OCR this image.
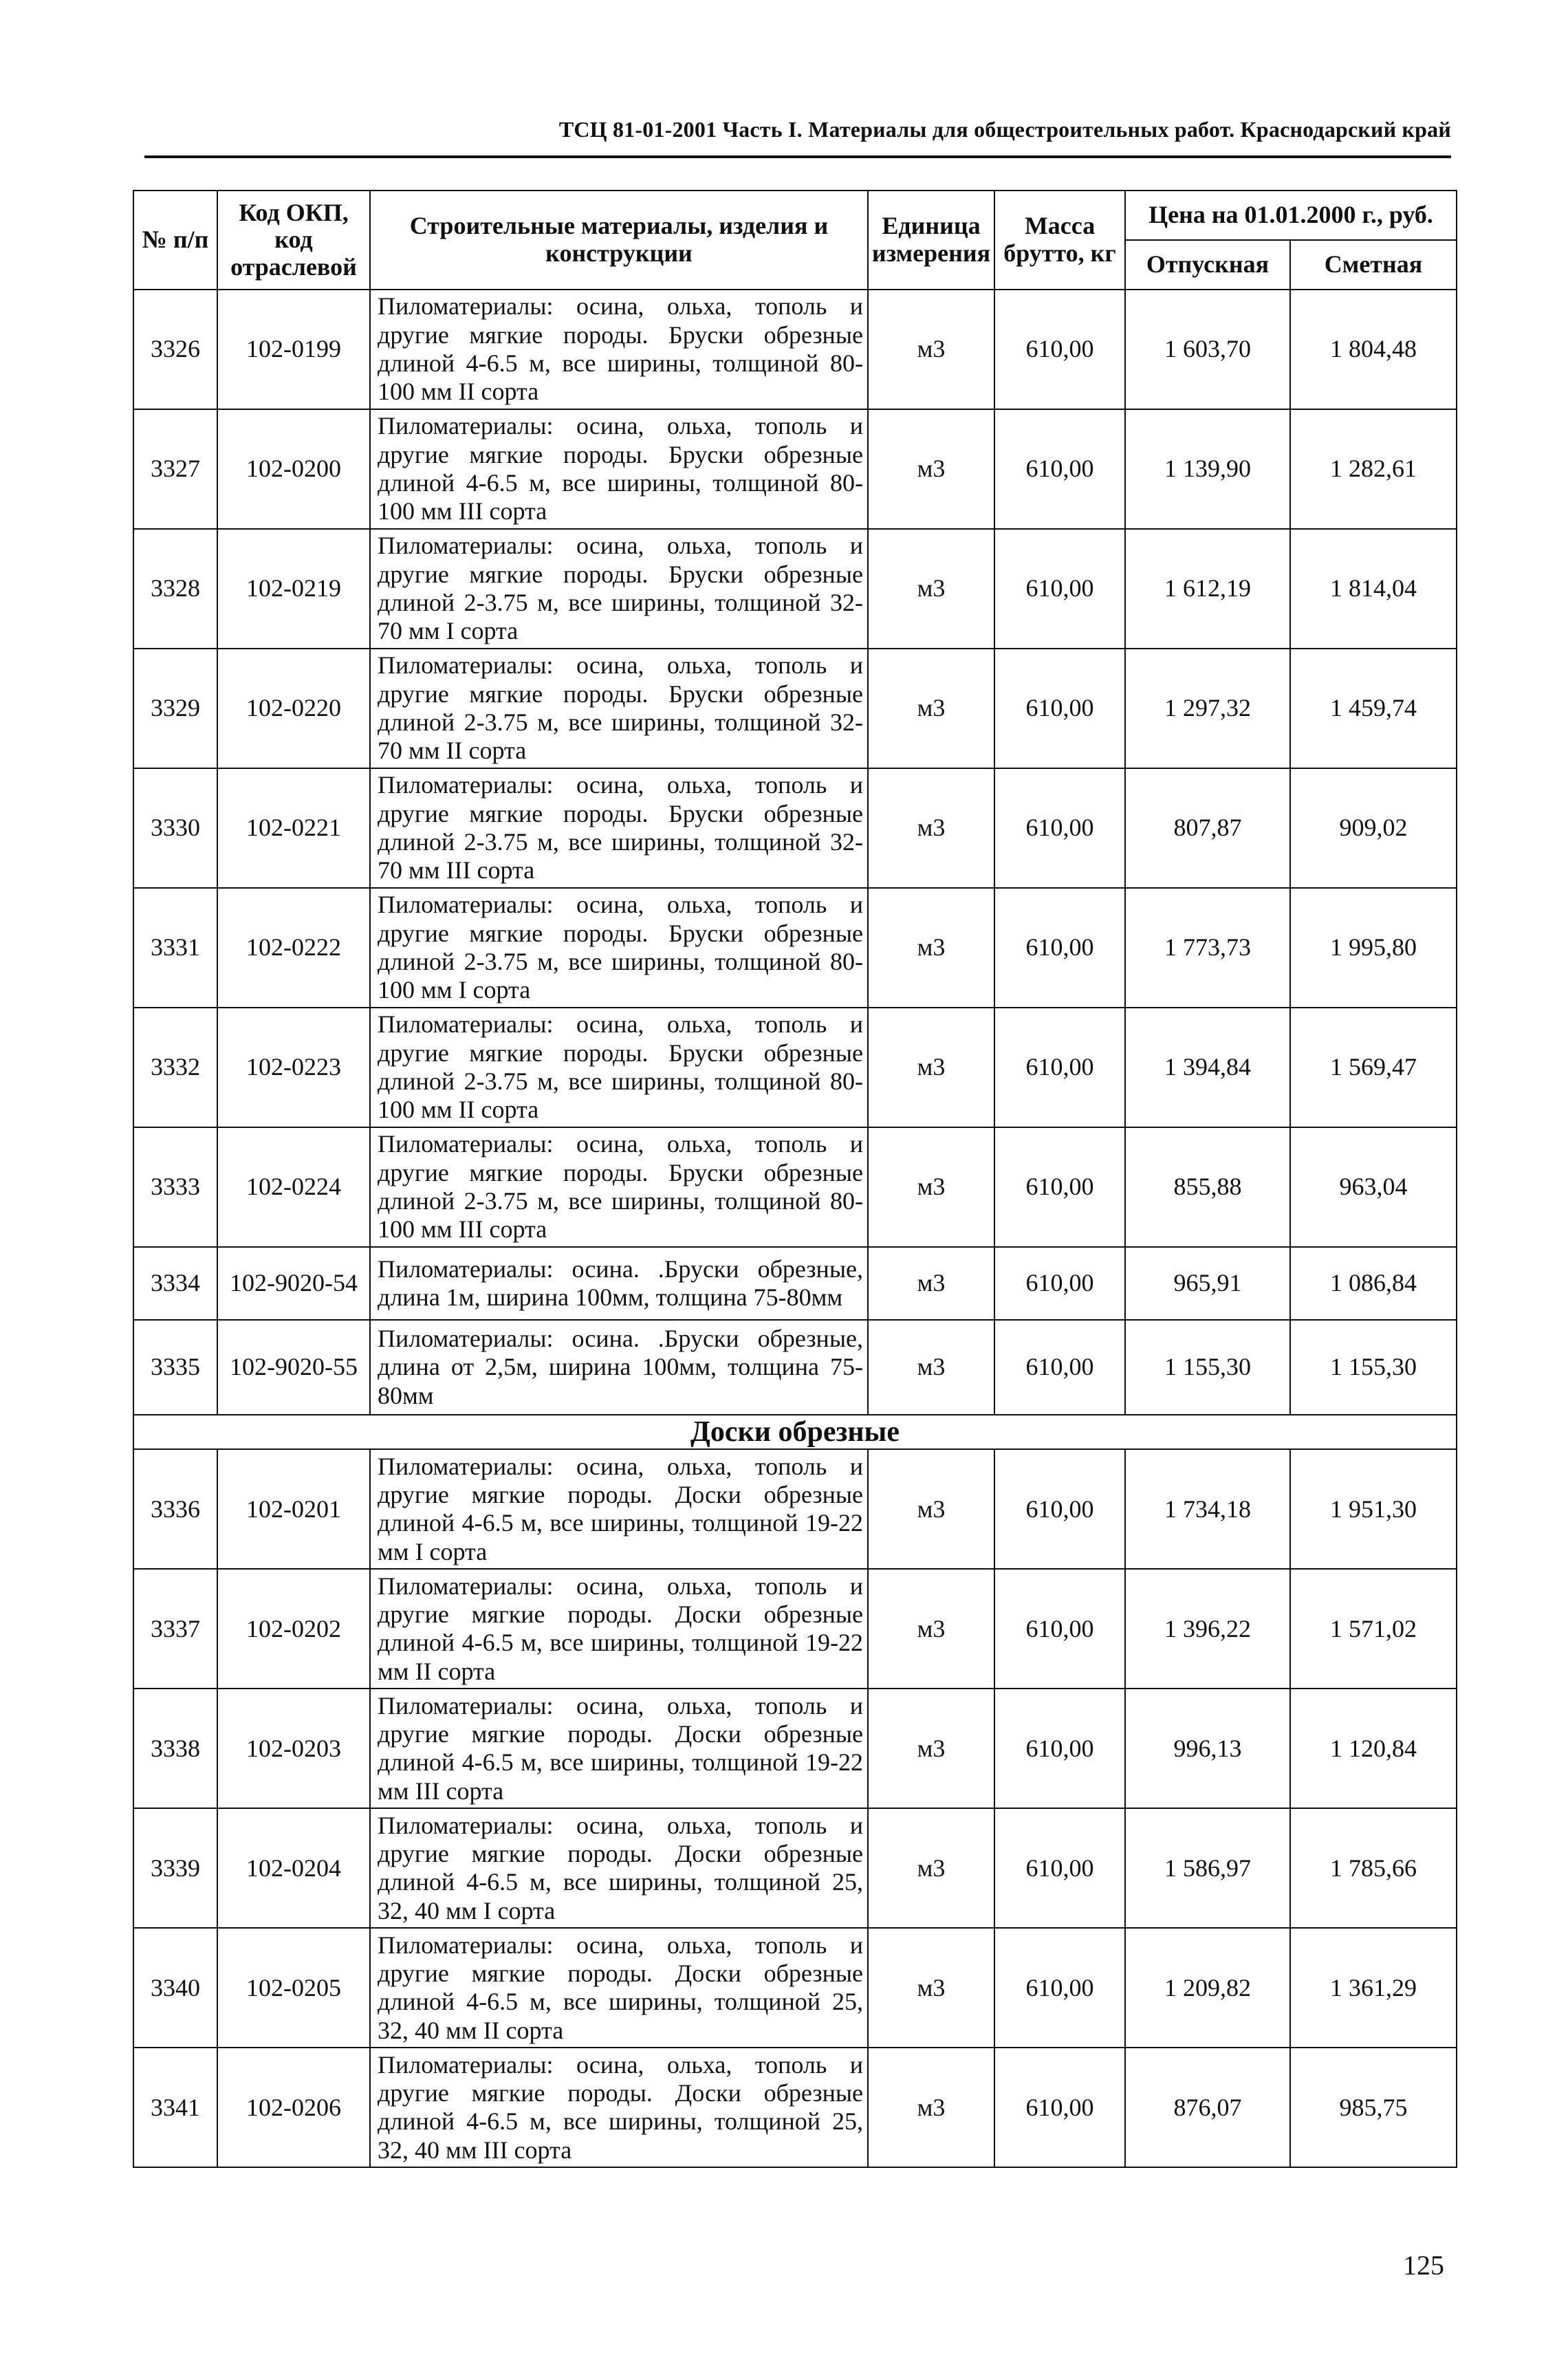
ТСЦ 81-01-2001 Часть I. Материалы для общестроительных работ. Краснодарский край
№ п/п	Код ОКП, код отраслевой	Строительные материалы, изделия и конструкции	Единица измерения	Масса брутто, кг	Цена на 01.01.2000 г., руб.	
					Отпускная	Сметная
3326	102-0199	Пиломатериалы: осина, ольха, тополь и другие мягкие породы. Бруски обрезные длиной 4-6.5 м, все ширины, толщиной 80-100 мм II сорта	м3	610,00	1 603,70	1 804,48
3327	102-0200	Пиломатериалы: осина, ольха, тополь и другие мягкие породы. Бруски обрезные длиной 4-6.5 м, все ширины, толщиной 80-100 мм III сорта	м3	610,00	1 139,90	1 282,61
3328	102-0219	Пиломатериалы: осина, ольха, тополь и другие мягкие породы. Бруски обрезные длиной 2-3.75 м, все ширины, толщиной 32-70 мм I сорта	м3	610,00	1 612,19	1 814,04
3329	102-0220	Пиломатериалы: осина, ольха, тополь и другие мягкие породы. Бруски обрезные длиной 2-3.75 м, все ширины, толщиной 32-70 мм II сорта	м3	610,00	1 297,32	1 459,74
3330	102-0221	Пиломатериалы: осина, ольха, тополь и другие мягкие породы. Бруски обрезные длиной 2-3.75 м, все ширины, толщиной 32-70 мм III сорта	м3	610,00	807,87	909,02
3331	102-0222	Пиломатериалы: осина, ольха, тополь и другие мягкие породы. Бруски обрезные длиной 2-3.75 м, все ширины, толщиной 80-100 мм I сорта	м3	610,00	1 773,73	1 995,80
3332	102-0223	Пиломатериалы: осина, ольха, тополь и другие мягкие породы. Бруски обрезные длиной 2-3.75 м, все ширины, толщиной 80-100 мм II сорта	м3	610,00	1 394,84	1 569,47
3333	102-0224	Пиломатериалы: осина, ольха, тополь и другие мягкие породы. Бруски обрезные длиной 2-3.75 м, все ширины, толщиной 80-100 мм III сорта	м3	610,00	855,88	963,04
3334	102-9020-54	Пиломатериалы: осина. .Бруски обрезные, длина 1м, ширина 100мм, толщина 75-80мм	м3	610,00	965,91	1 086,84
3335	102-9020-55	Пиломатериалы: осина. .Бруски обрезные, длина от 2,5м, ширина 100мм, толщина 75-80мм	м3	610,00	1 155,30	1 155,30
Доски обрезные						
3336	102-0201	Пиломатериалы: осина, ольха, тополь и другие мягкие породы. Доски обрезные длиной 4-6.5 м, все ширины, толщиной 19-22 мм I сорта	м3	610,00	1 734,18	1 951,30
3337	102-0202	Пиломатериалы: осина, ольха, тополь и другие мягкие породы. Доски обрезные длиной 4-6.5 м, все ширины, толщиной 19-22 мм II сорта	м3	610,00	1 396,22	1 571,02
3338	102-0203	Пиломатериалы: осина, ольха, тополь и другие мягкие породы. Доски обрезные длиной 4-6.5 м, все ширины, толщиной 19-22 мм III сорта	м3	610,00	996,13	1 120,84
3339	102-0204	Пиломатериалы: осина, ольха, тополь и другие мягкие породы. Доски обрезные длиной 4-6.5 м, все ширины, толщиной 25, 32, 40 мм I сорта	м3	610,00	1 586,97	1 785,66
3340	102-0205	Пиломатериалы: осина, ольха, тополь и другие мягкие породы. Доски обрезные длиной 4-6.5 м, все ширины, толщиной 25, 32, 40 мм II сорта	м3	610,00	1 209,82	1 361,29
3341	102-0206	Пиломатериалы: осина, ольха, тополь и другие мягкие породы. Доски обрезные длиной 4-6.5 м, все ширины, толщиной 25, 32, 40 мм III сорта	м3	610,00	876,07	985,75
125
